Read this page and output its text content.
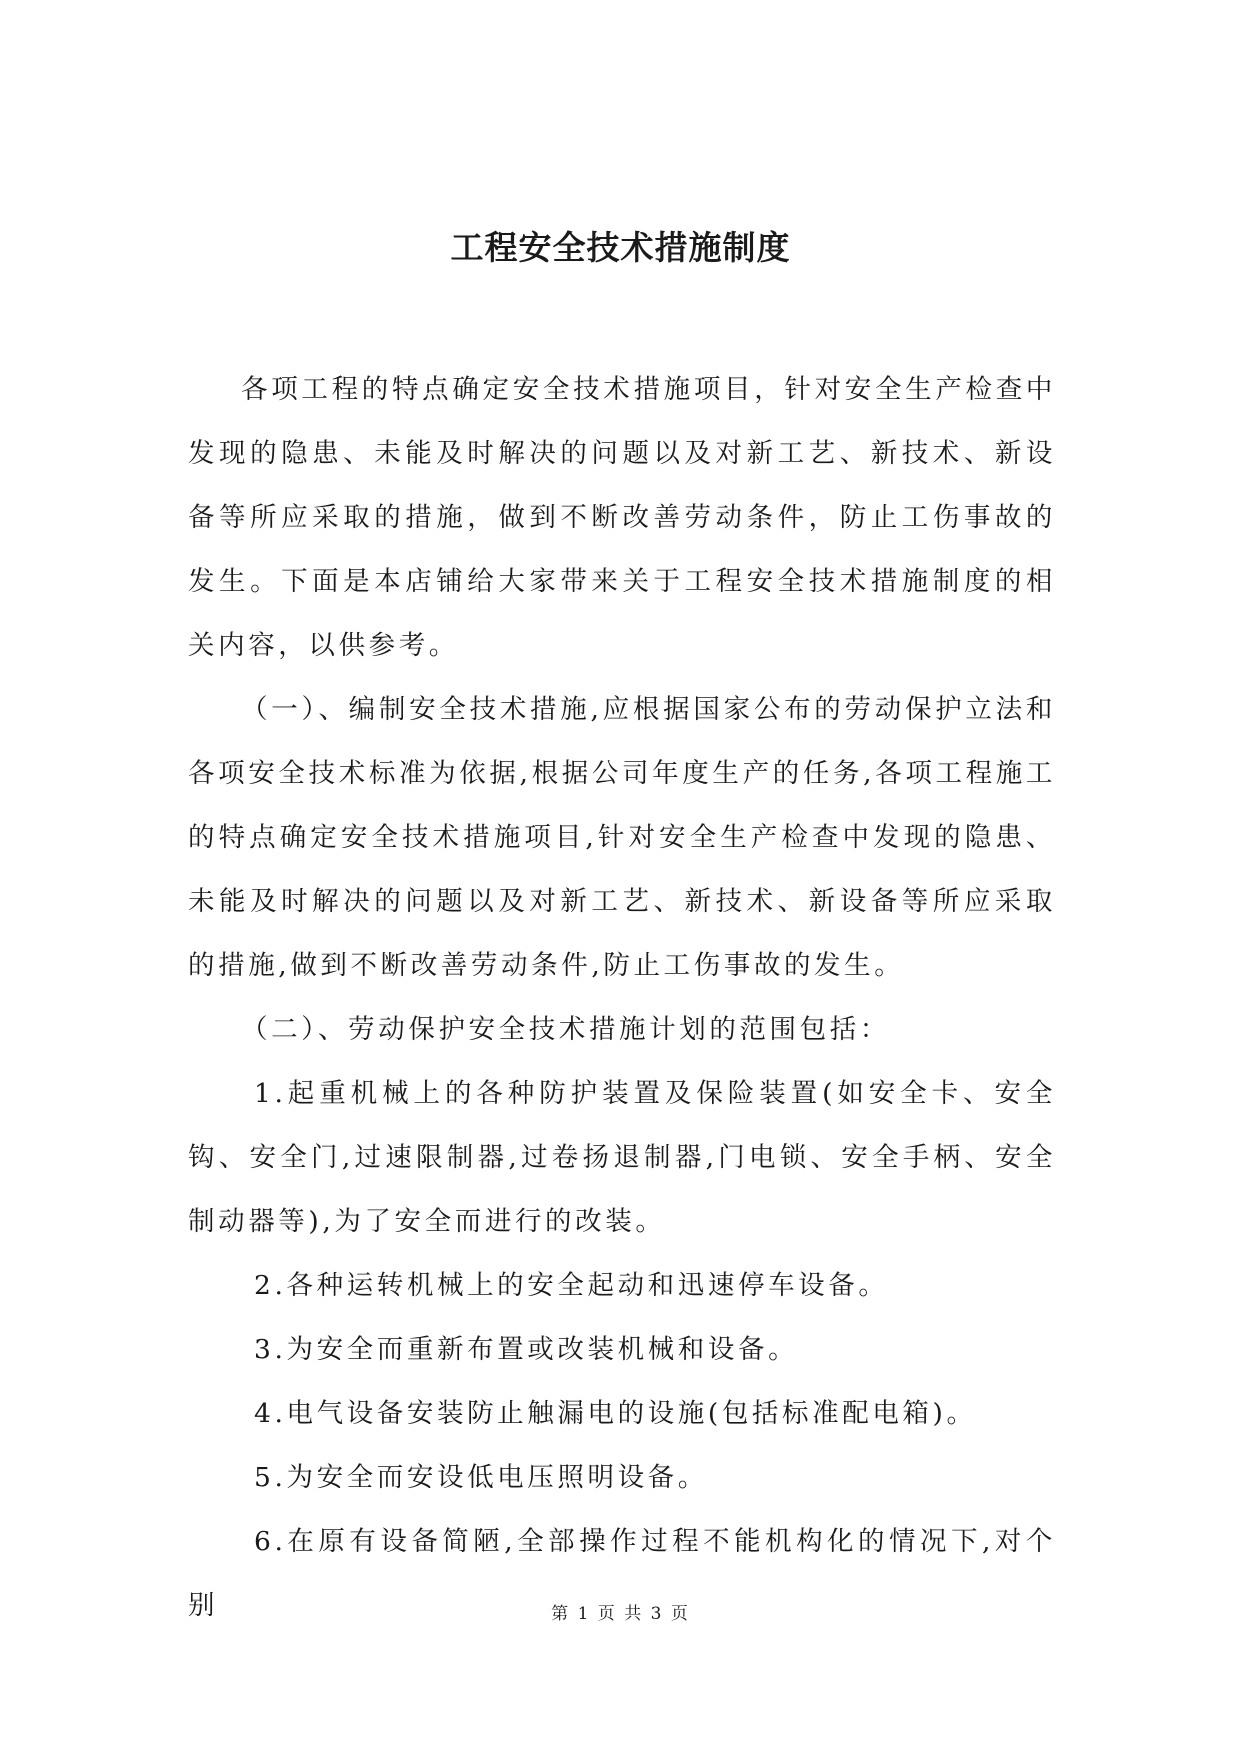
工程安全技术措施制度

各项工程的特点确定安全技术措施项目，针对安全生产检查中发现的隐患、未能及时解决的问题以及对新工艺、新技术、新设备等所应采取的措施，做到不断改善劳动条件，防止工伤事故的发生。下面是本店铺给大家带来关于工程安全技术措施制度的相关内容，以供参考。

（一）、编制安全技术措施,应根据国家公布的劳动保护立法和各项安全技术标准为依据,根据公司年度生产的任务,各项工程施工的特点确定安全技术措施项目,针对安全生产检查中发现的隐患、未能及时解决的问题以及对新工艺、新技术、新设备等所应采取的措施,做到不断改善劳动条件,防止工伤事故的发生。

（二）、劳动保护安全技术措施计划的范围包括：

1.起重机械上的各种防护装置及保险装置(如安全卡、安全钩、安全门,过速限制器,过卷扬退制器,门电锁、安全手柄、安全制动器等),为了安全而进行的改装。

2.各种运转机械上的安全起动和迅速停车设备。

3.为安全而重新布置或改装机械和设备。

4.电气设备安装防止触漏电的设施(包括标准配电箱)。

5.为安全而安设低电压照明设备。

6.在原有设备简陋,全部操作过程不能机构化的情况下,对个别	第 1 页 共 3 页
